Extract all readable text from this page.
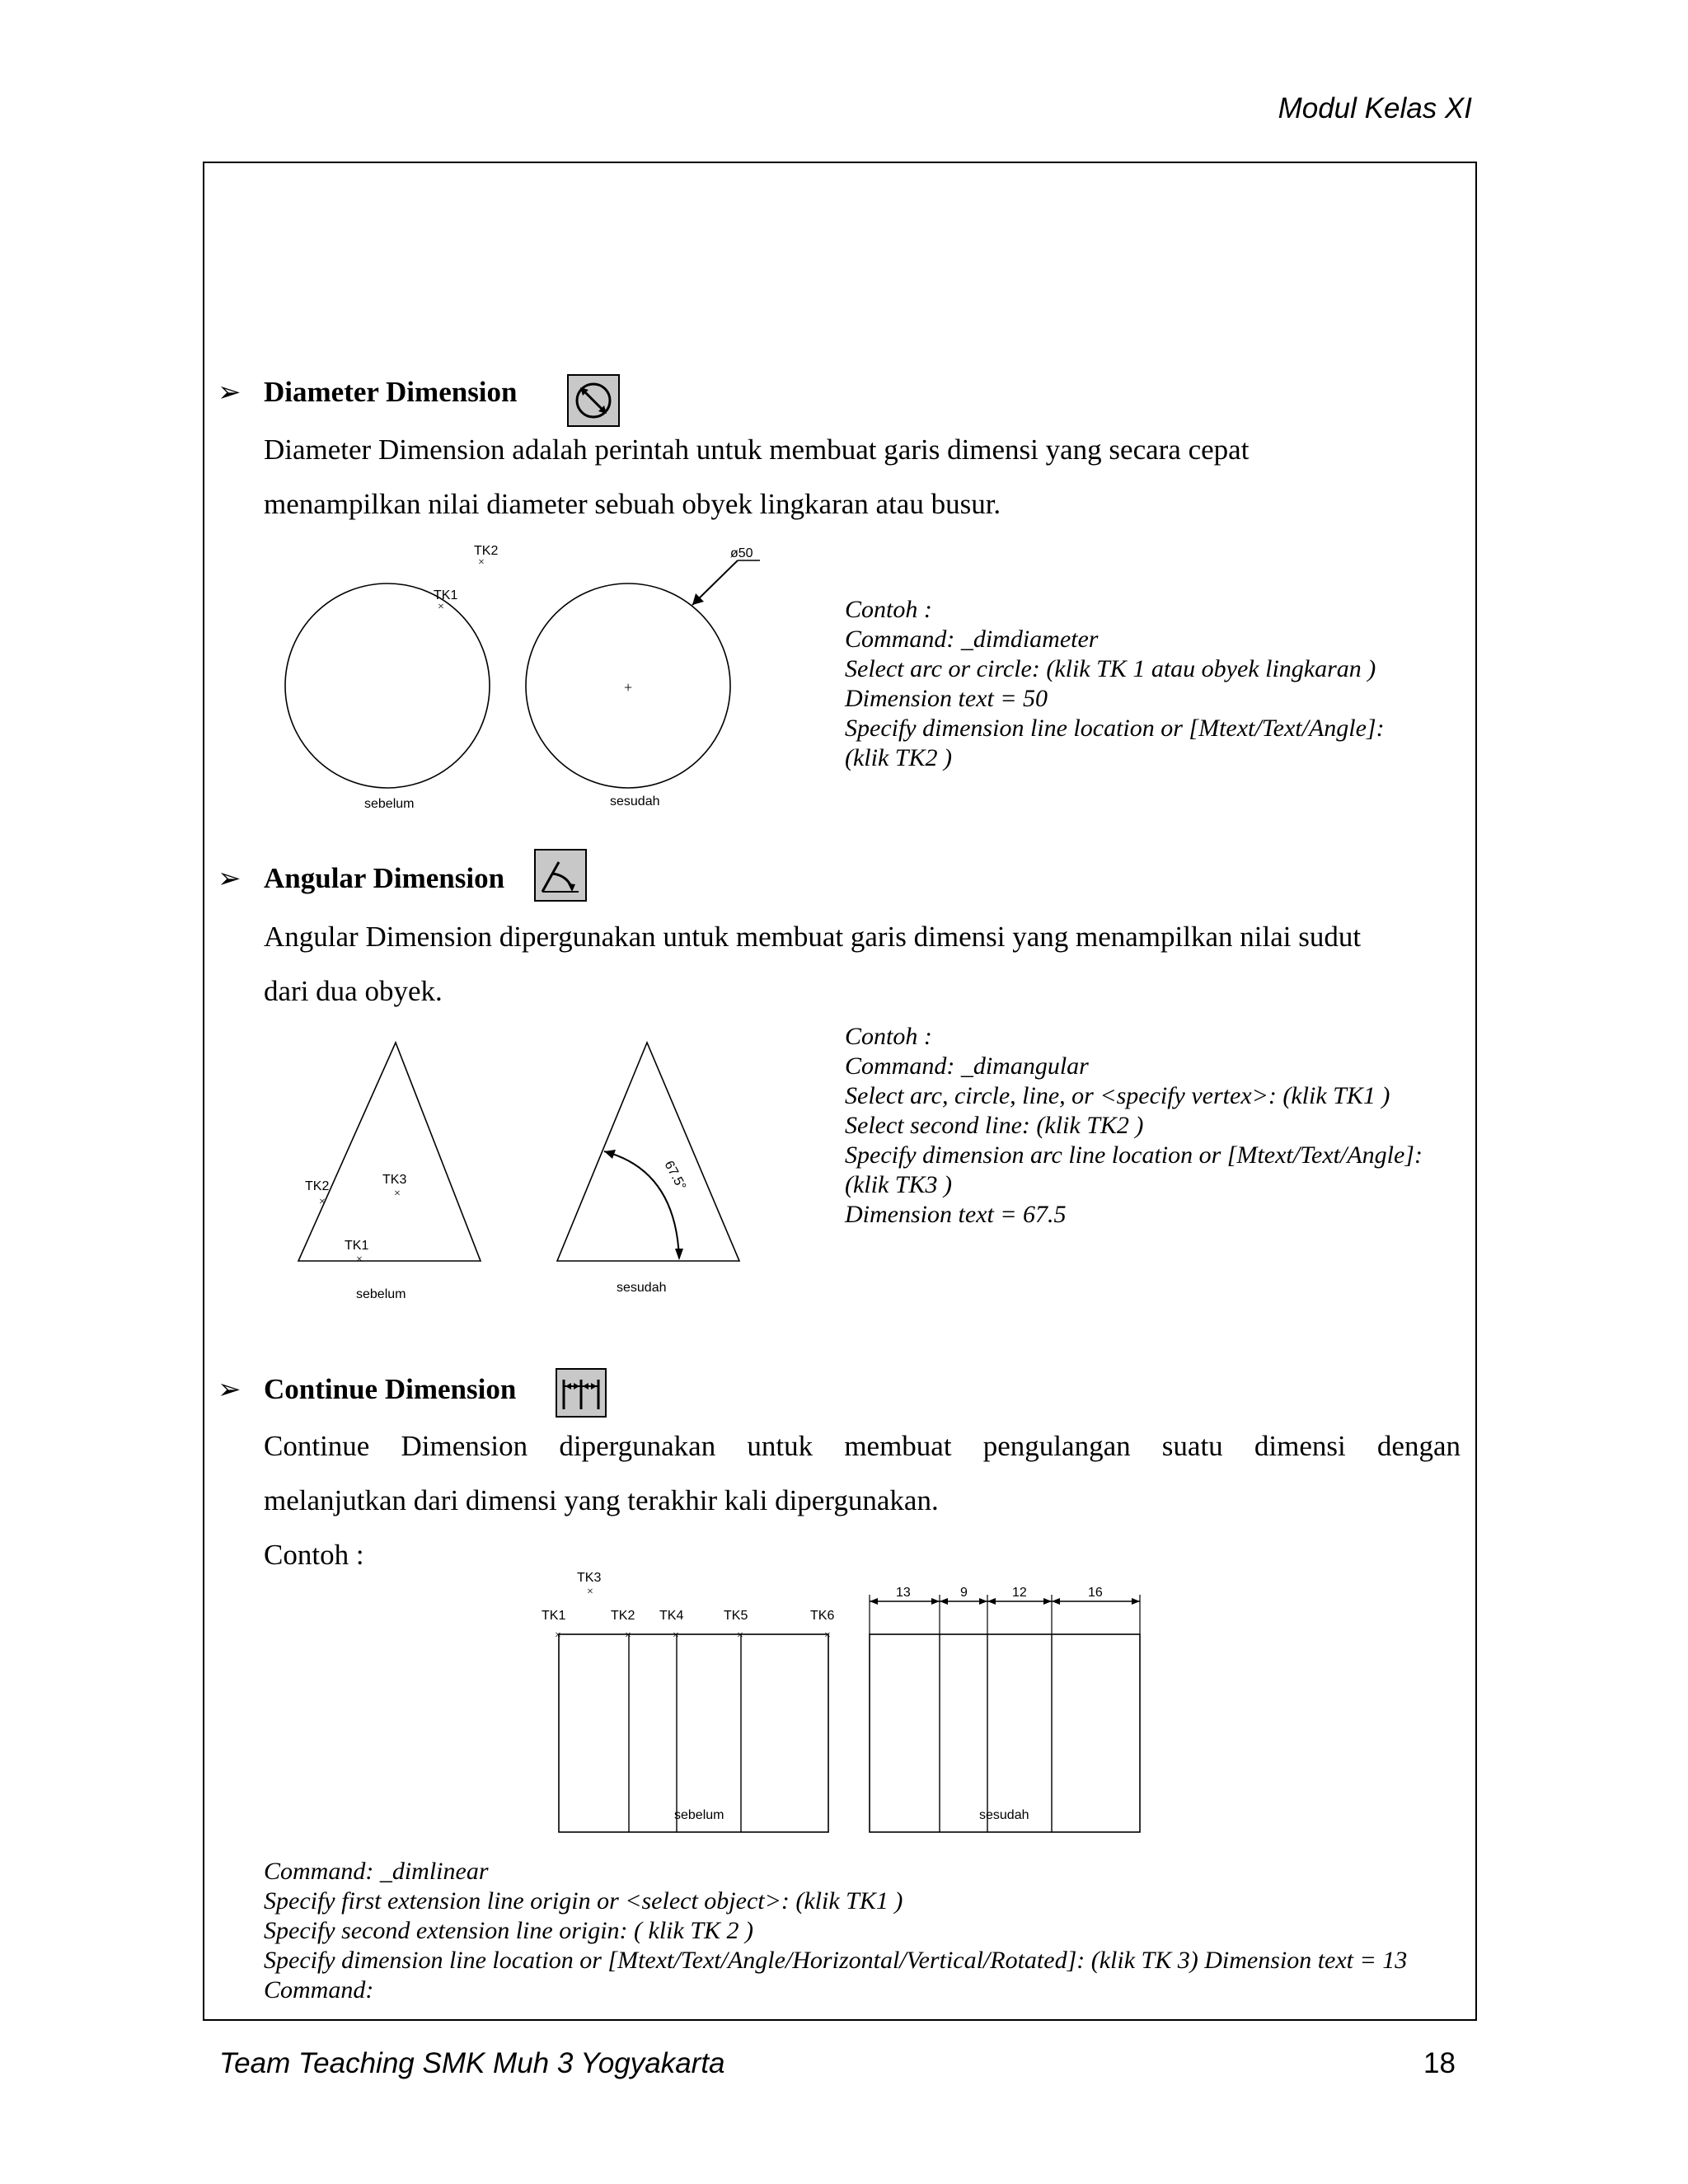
Modul Kelas XI
➢ Diameter Dimension
Diameter Dimension adalah perintah untuk membuat garis dimensi yang secara cepat
menampilkan nilai diameter sebuah obyek lingkaran atau busur.
TK2
×
TK1
×
+
ø50
sebelum	sesudah
Contoh :
Command: _dimdiameter
Select arc or circle: (klik TK 1 atau obyek lingkaran )
Dimension text = 50
Specify dimension line location or [Mtext/Text/Angle]:
(klik TK2 )
➢ Angular Dimension
Angular Dimension dipergunakan untuk membuat garis dimensi yang menampilkan nilai sudut
dari dua obyek.
TK2
×
TK3
×
TK1
×
67.5°
sesudah
sebelum
Contoh :
Command: _dimangular
Select arc, circle, line, or <specify vertex>: (klik TK1 )
Select second line: (klik TK2 )
Specify dimension arc line location or [Mtext/Text/Angle]:
(klik TK3 )
Dimension text = 67.5
➢ Continue Dimension
Continue Dimension dipergunakan untuk membuat pengulangan suatu dimensi dengan
melanjutkan dari dimensi yang terakhir kali dipergunakan.
Contoh :
TK3
×
TK1	TK2 TK4	TK5	TK6
×	×	×	×	×
sebelum
13	9	12	16
sesudah
Command: _dimlinear
Specify first extension line origin or <select object>: (klik TK1 )
Specify second extension line origin: ( klik TK 2 )
Specify dimension line location or [Mtext/Text/Angle/Horizontal/Vertical/Rotated]: (klik TK 3) Dimension text = 13
Command:
Team Teaching SMK Muh 3 Yogyakarta	18
